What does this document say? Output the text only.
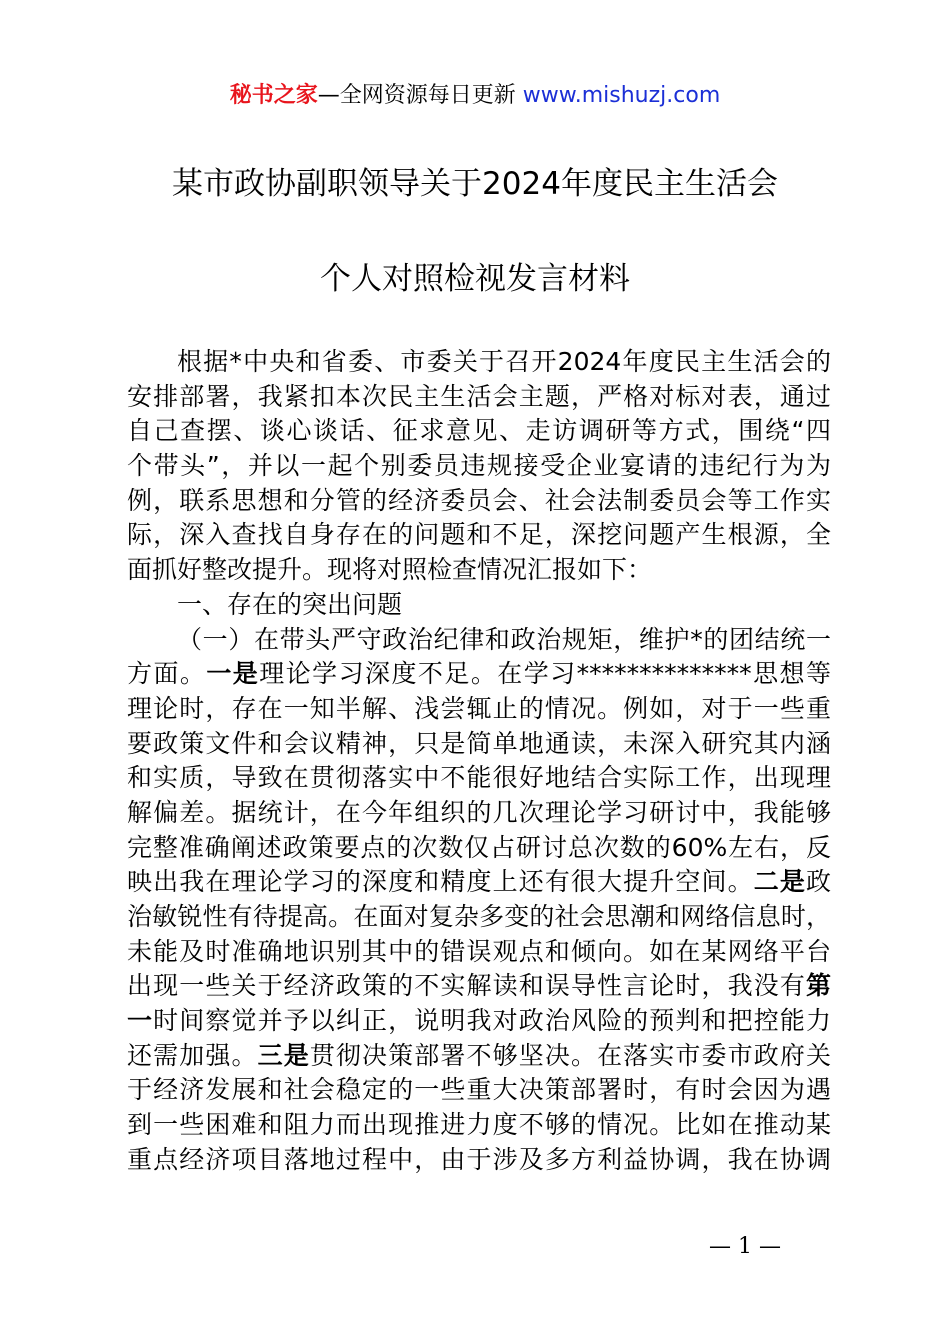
秘书之家—全网资源每日更新 www.mishuzj.com
某市政协副职领导关于2024年度民主生活会
个人对照检视发言材料
根据*中央和省委、市委关于召开2024年度民主生活会的
安排部署，我紧扣本次民主生活会主题，严格对标对表，通过
自己查摆、谈心谈话、征求意见、走访调研等方式，围绕“四
个带头”，并以一起个别委员违规接受企业宴请的违纪行为为
例，联系思想和分管的经济委员会、社会法制委员会等工作实
际，深入查找自身存在的问题和不足，深挖问题产生根源，全
面抓好整改提升。现将对照检查情况汇报如下：
一、存在的突出问题
（一）在带头严守政治纪律和政治规矩，维护*的团结统一
方面。一是理论学习深度不足。在学习**************思想等
理论时，存在一知半解、浅尝辄止的情况。例如，对于一些重
要政策文件和会议精神，只是简单地通读，未深入研究其内涵
和实质，导致在贯彻落实中不能很好地结合实际工作，出现理
解偏差。据统计，在今年组织的几次理论学习研讨中，我能够
完整准确阐述政策要点的次数仅占研讨总次数的60%左右，反
映出我在理论学习的深度和精度上还有很大提升空间。二是政
治敏锐性有待提高。在面对复杂多变的社会思潮和网络信息时，
未能及时准确地识别其中的错误观点和倾向。如在某网络平台
出现一些关于经济政策的不实解读和误导性言论时，我没有第
一时间察觉并予以纠正，说明我对政治风险的预判和把控能力
还需加强。三是贯彻决策部署不够坚决。在落实市委市政府关
于经济发展和社会稳定的一些重大决策部署时，有时会因为遇
到一些困难和阻力而出现推进力度不够的情况。比如在推动某
重点经济项目落地过程中，由于涉及多方利益协调，我在协调
— 1 —
